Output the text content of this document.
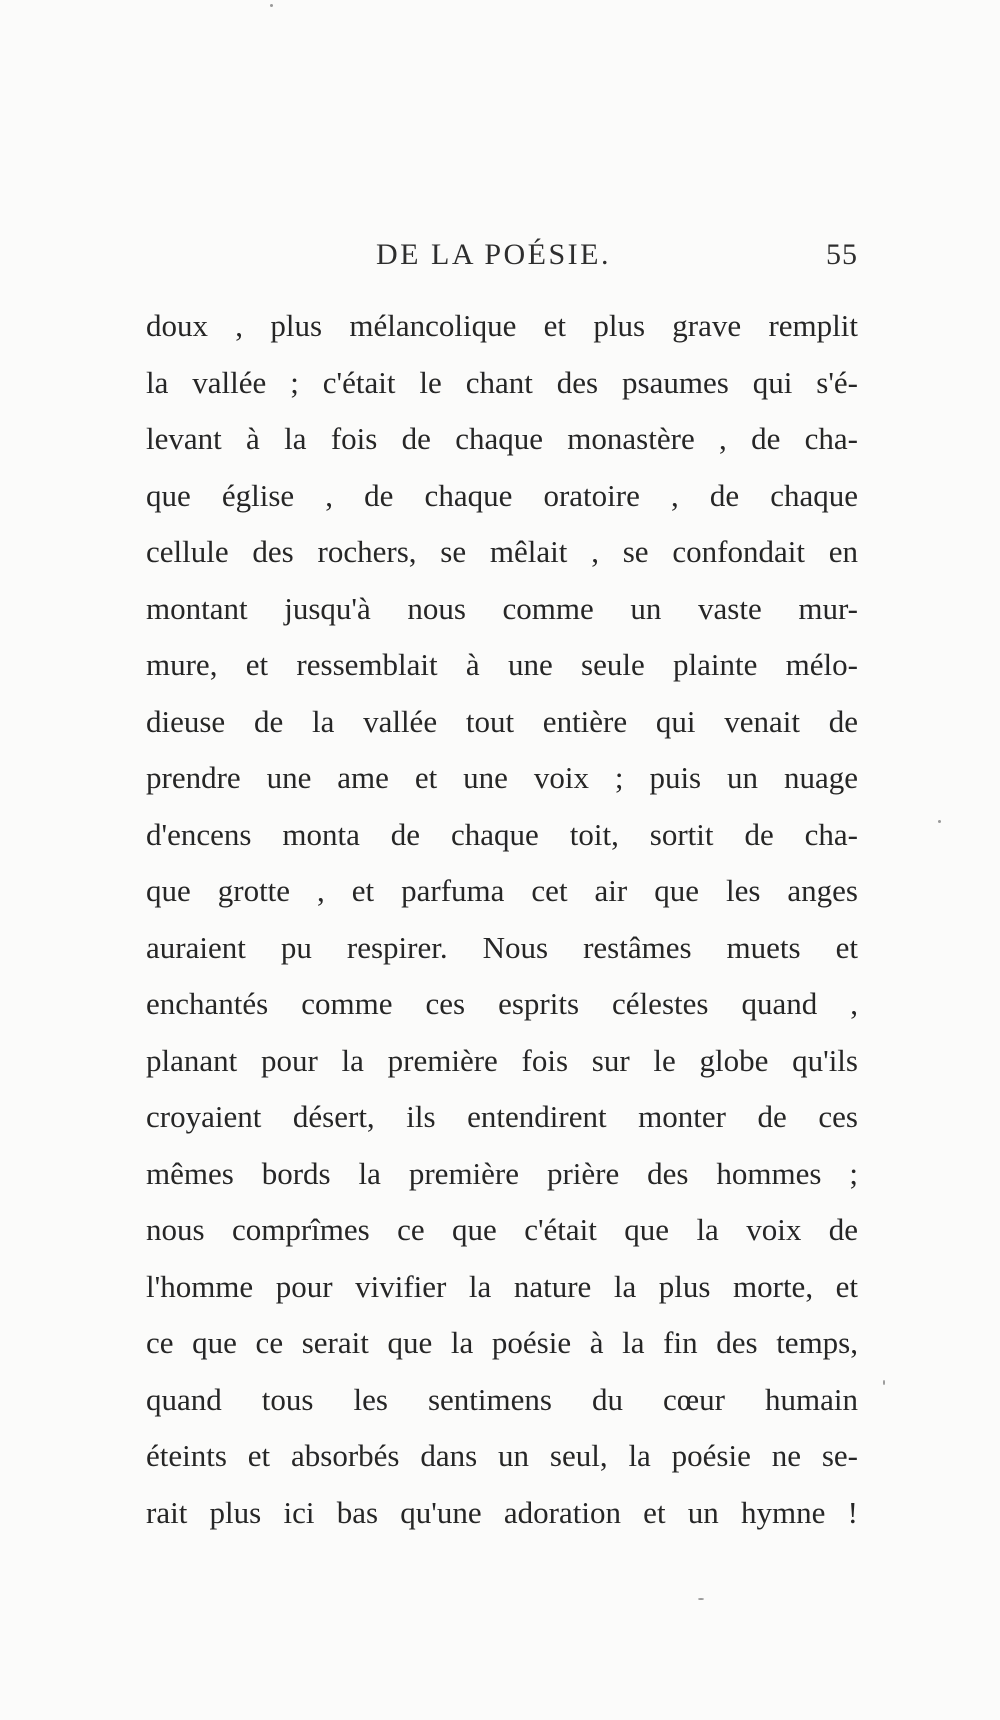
DE LA POÉSIE.	55
doux , plus mélancolique et plus grave remplit
la vallée ; c'était le chant des psaumes qui s'é-
levant à la fois de chaque monastère , de cha-
que église , de chaque oratoire , de chaque
cellule des rochers, se mêlait , se confondait en
montant jusqu'à nous comme un vaste mur-
mure, et ressemblait à une seule plainte mélo-
dieuse de la vallée tout entière qui venait de
prendre une ame et une voix ; puis un nuage
d'encens monta de chaque toit, sortit de cha-
que grotte , et parfuma cet air que les anges
auraient pu respirer. Nous restâmes muets et
enchantés comme ces esprits célestes quand ,
planant pour la première fois sur le globe qu'ils
croyaient désert, ils entendirent monter de ces
mêmes bords la première prière des hommes ;
nous comprîmes ce que c'était que la voix de
l'homme pour vivifier la nature la plus morte, et
ce que ce serait que la poésie à la fin des temps,
quand tous les sentimens du cœur humain
éteints et absorbés dans un seul, la poésie ne se-
rait plus ici bas qu'une adoration et un hymne !
